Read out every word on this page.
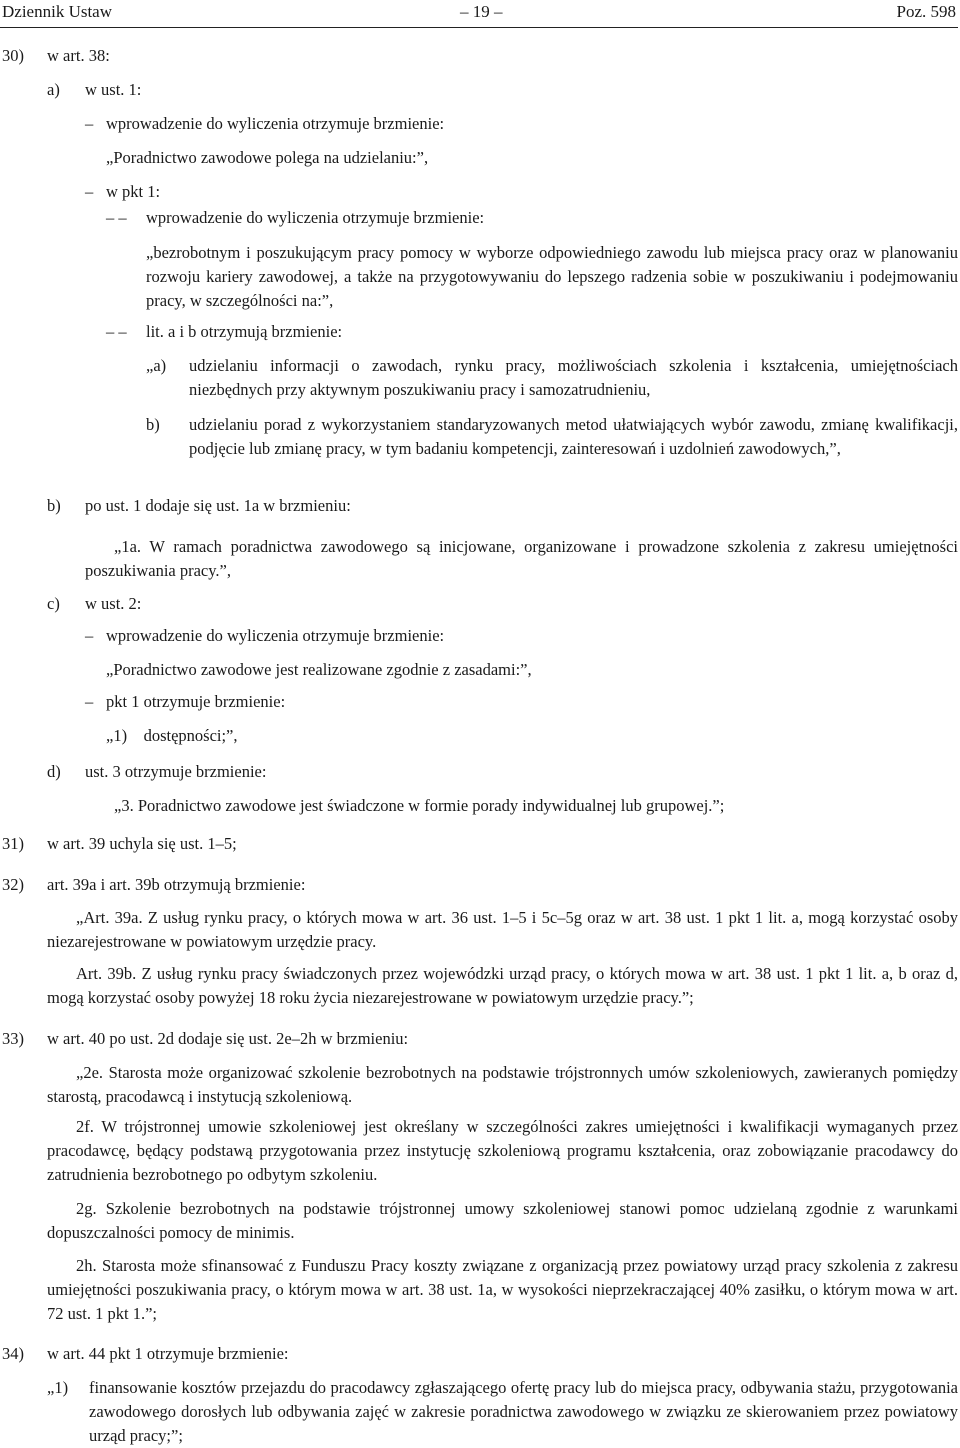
Dziennik Ustaw	– 19 –	Poz. 598
30) w art. 38:
a) w ust. 1:
– wprowadzenie do wyliczenia otrzymuje brzmienie:
„Poradnictwo zawodowe polega na udzielaniu:”,
– w pkt 1:
– – wprowadzenie do wyliczenia otrzymuje brzmienie:
„bezrobotnym i poszukującym pracy pomocy w wyborze odpowiedniego zawodu lub miejsca pracy oraz w planowaniu rozwoju kariery zawodowej, a także na przygotowywaniu do lepszego radzenia sobie w poszukiwaniu i podejmowaniu pracy, w szczególności na:”,
– – lit. a i b otrzymują brzmienie:
„a) udzielaniu informacji o zawodach, rynku pracy, możliwościach szkolenia i kształcenia, umiejętnościach niezbędnych przy aktywnym poszukiwaniu pracy i samozatrudnieniu,
b) udzielaniu porad z wykorzystaniem standaryzowanych metod ułatwiających wybór zawodu, zmianę kwalifikacji, podjęcie lub zmianę pracy, w tym badaniu kompetencji, zainteresowań i uzdolnień zawodowych,”,
b) po ust. 1 dodaje się ust. 1a w brzmieniu:
„1a. W ramach poradnictwa zawodowego są inicjowane, organizowane i prowadzone szkolenia z zakresu umiejętności poszukiwania pracy.”,
c) w ust. 2:
– wprowadzenie do wyliczenia otrzymuje brzmienie:
„Poradnictwo zawodowe jest realizowane zgodnie z zasadami:”,
– pkt 1 otrzymuje brzmienie:
„1) dostępności;”,
d) ust. 3 otrzymuje brzmienie:
„3. Poradnictwo zawodowe jest świadczone w formie porady indywidualnej lub grupowej.”;
31) w art. 39 uchyla się ust. 1–5;
32) art. 39a i art. 39b otrzymują brzmienie:
„Art. 39a. Z usług rynku pracy, o których mowa w art. 36 ust. 1–5 i 5c–5g oraz w art. 38 ust. 1 pkt 1 lit. a, mogą korzystać osoby niezarejestrowane w powiatowym urzędzie pracy.
Art. 39b. Z usług rynku pracy świadczonych przez wojewódzki urząd pracy, o których mowa w art. 38 ust. 1 pkt 1 lit. a, b oraz d, mogą korzystać osoby powyżej 18 roku życia niezarejestrowane w powiatowym urzędzie pracy.”;
33) w art. 40 po ust. 2d dodaje się ust. 2e–2h w brzmieniu:
„2e. Starosta może organizować szkolenie bezrobotnych na podstawie trójstronnych umów szkoleniowych, zawieranych pomiędzy starostą, pracodawcą i instytucją szkoleniową.
2f. W trójstronnej umowie szkoleniowej jest określany w szczególności zakres umiejętności i kwalifikacji wymaganych przez pracodawcę, będący podstawą przygotowania przez instytucję szkoleniową programu kształcenia, oraz zobowiązanie pracodawcy do zatrudnienia bezrobotnego po odbytym szkoleniu.
2g. Szkolenie bezrobotnych na podstawie trójstronnej umowy szkoleniowej stanowi pomoc udzielaną zgodnie z warunkami dopuszczalności pomocy de minimis.
2h. Starosta może sfinansować z Funduszu Pracy koszty związane z organizacją przez powiatowy urząd pracy szkolenia z zakresu umiejętności poszukiwania pracy, o którym mowa w art. 38 ust. 1a, w wysokości nieprzekraczającej 40% zasiłku, o którym mowa w art. 72 ust. 1 pkt 1.”;
34) w art. 44 pkt 1 otrzymuje brzmienie:
„1) finansowanie kosztów przejazdu do pracodawcy zgłaszającego ofertę pracy lub do miejsca pracy, odbywania stażu, przygotowania zawodowego dorosłych lub odbywania zajęć w zakresie poradnictwa zawodowego w związku ze skierowaniem przez powiatowy urząd pracy;”;
